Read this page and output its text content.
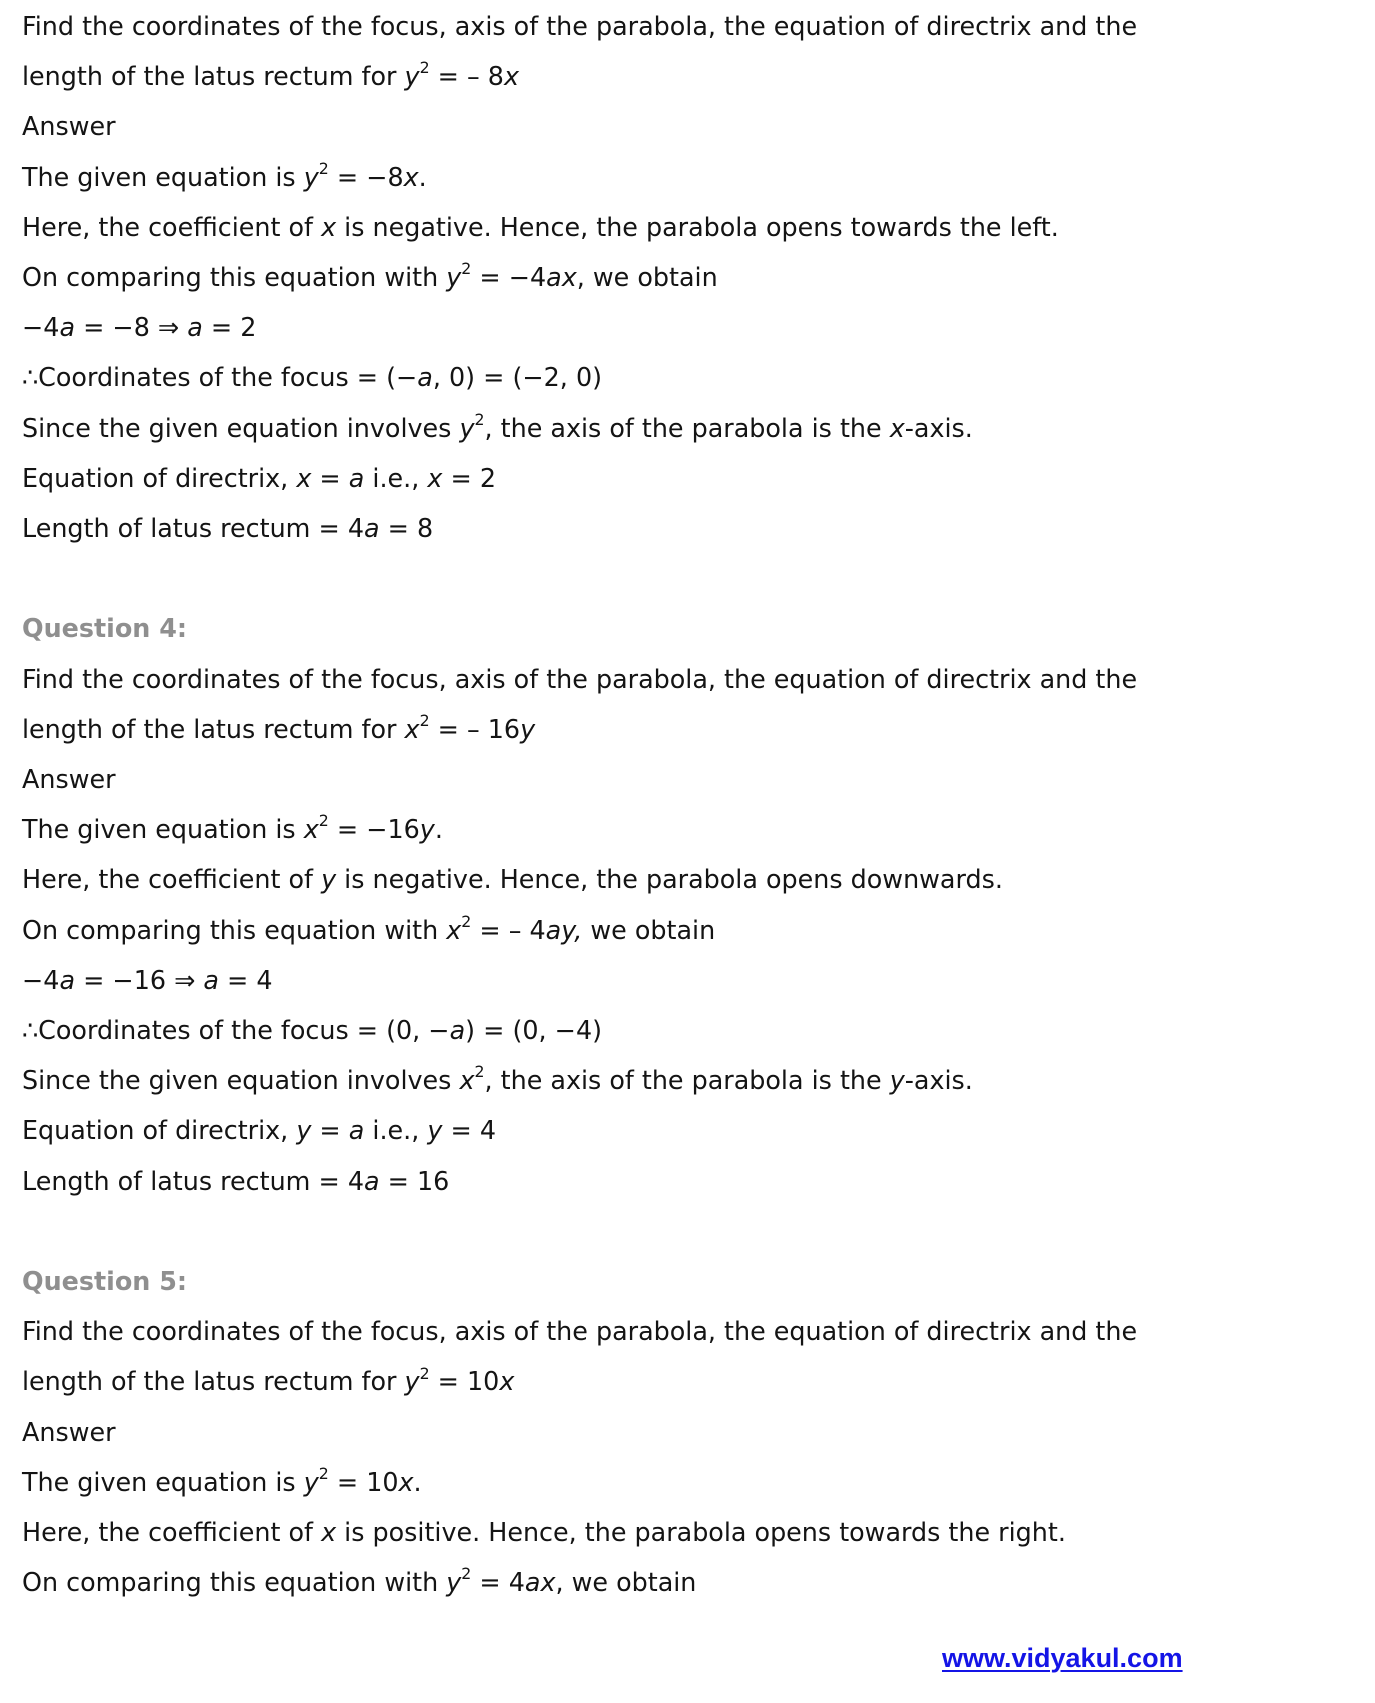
Find the coordinates of the focus, axis of the parabola, the equation of directrix and the
length of the latus rectum for $y^2$ = – 8x
Answer
The given equation is $y^2 = -8x$.
Here, the coefficient of x is negative. Hence, the parabola opens towards the left.
On comparing this equation with $y^2 = -4ax$, we obtain
−4a = −8 ⇒ a = 2
∴Coordinates of the focus = (−a, 0) = (−2, 0)
Since the given equation involves $y^2$, the axis of the parabola is the x-axis.
Equation of directrix, x = a i.e., x = 2
Length of latus rectum = 4a = 8
Question 4:
Find the coordinates of the focus, axis of the parabola, the equation of directrix and the
length of the latus rectum for $x^2$ = – 16y
Answer
The given equation is $x^2 = -16y$.
Here, the coefficient of y is negative. Hence, the parabola opens downwards.
On comparing this equation with $x^2$ = – 4ay, we obtain
−4a = −16 ⇒ a = 4
∴Coordinates of the focus = (0, −a) = (0, −4)
Since the given equation involves $x^2$, the axis of the parabola is the y-axis.
Equation of directrix, y = a i.e., y = 4
Length of latus rectum = 4a = 16
Question 5:
Find the coordinates of the focus, axis of the parabola, the equation of directrix and the
length of the latus rectum for $y^2 = 10x$
Answer
The given equation is $y^2 = 10x$.
Here, the coefficient of x is positive. Hence, the parabola opens towards the right.
On comparing this equation with $y^2 = 4ax$, we obtain
www.vidyakul.com
